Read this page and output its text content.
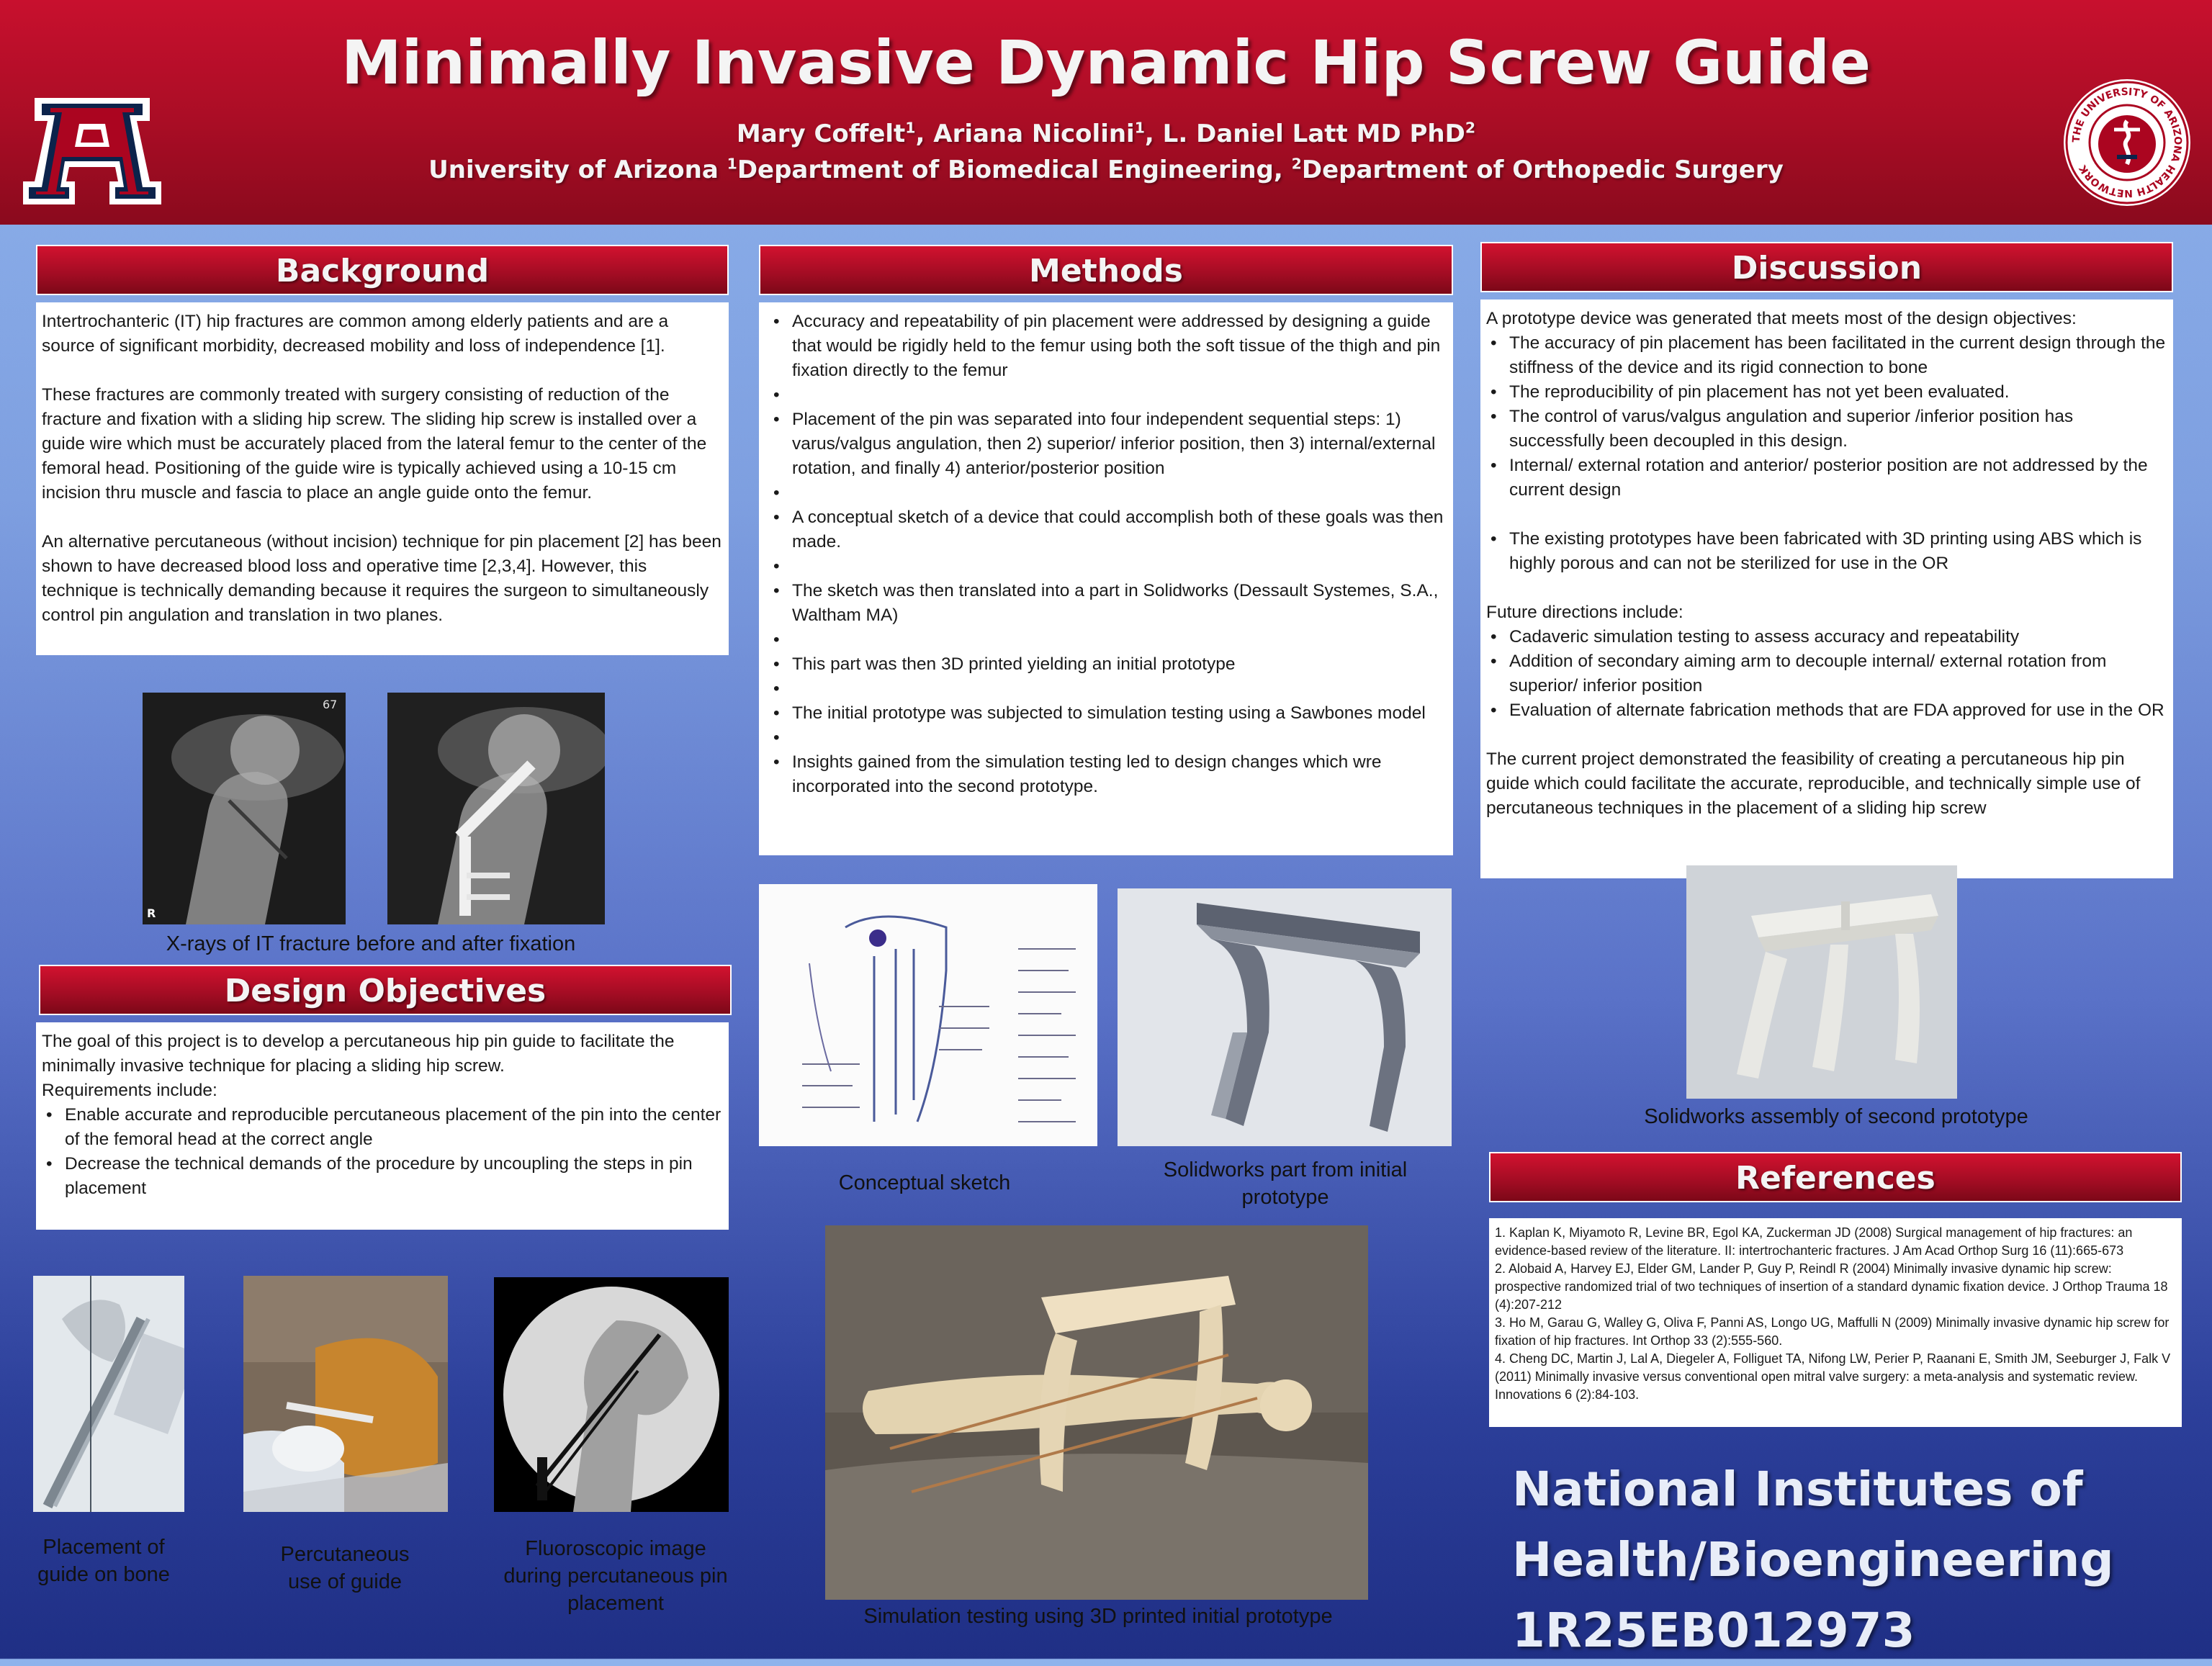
Minimally Invasive Dynamic Hip Screw Guide
Mary Coffelt$^1$, Ariana Nicolini$^1$, L. Daniel Latt MD PhD$^2$
University of Arizona $^1$Department of Biomedical Engineering, $^2$Department of Orthopedic Surgery
THE UNIVERSITY OF ARIZONA HEALTH NETWORK
Background

Intertrochanteric (IT) hip fractures are common among elderly patients and are a source of significant morbidity, decreased mobility and loss of independence [1].

These fractures are commonly treated with surgery consisting of reduction of the fracture and fixation with a sliding hip screw. The sliding hip screw is installed over a guide wire which must be accurately placed from the lateral femur to the center of the femoral head. Positioning of the guide wire is typically achieved using a 10-15 cm incision thru muscle and fascia to place an angle guide onto the femur.

An alternative percutaneous (without incision) technique for pin placement [2] has been shown to have decreased blood loss and operative time [2,3,4]. However, this technique is technically demanding because it requires the surgeon to simultaneously control pin angulation and translation in two planes.

67
R
X-rays of IT fracture before and after fixation
Design Objectives

The goal of this project is to develop a percutaneous hip pin guide to facilitate the minimally invasive technique for placing a sliding hip screw.

Requirements include:

• Enable accurate and reproducible percutaneous placement of the pin into the center of the femoral head at the correct angle
• Decrease the technical demands of the procedure by uncoupling the steps in pin placement
Placement of guide on bone
Percutaneous use of guide
Fluoroscopic image during percutaneous pin placement
Methods
• Accuracy and repeatability of pin placement were addressed by designing a guide that would be rigidly held to the femur using both the soft tissue of the thigh and pin fixation directly to the femur
•
• Placement of the pin was separated into four independent sequential steps: 1) varus/valgus angulation, then 2) superior/ inferior position, then 3) internal/external rotation, and finally 4) anterior/posterior position
•
• A conceptual sketch of a device that could accomplish both of these goals was then made.
•
• The sketch was then translated into a part in Solidworks (Dessault Systemes, S.A., Waltham MA)
•
• This part was then 3D printed yielding an initial prototype
•
• The initial prototype was subjected to simulation testing using a Sawbones model
•
• Insights gained from the simulation testing led to design changes which wre incorporated into the second prototype.
Conceptual sketch
Solidworks part from initial prototype
Simulation testing using 3D printed initial prototype
Discussion

A prototype device was generated that meets most of the design objectives:

• The accuracy of pin placement has been facilitated in the current design through the stiffness of the device and its rigid connection to bone
• The reproducibility of pin placement has not yet been evaluated.
• The control of varus/valgus angulation and superior /inferior position has successfully been decoupled in this design.
• Internal/ external rotation and anterior/ posterior position are not addressed by the current design
• The existing prototypes have been fabricated with 3D printing using ABS which is highly porous and can not be sterilized for use in the OR

Future directions include:

• Cadaveric simulation testing to assess accuracy and repeatability
• Addition of secondary aiming arm to decouple internal/ external rotation from superior/ inferior position
• Evaluation of alternate fabrication methods that are FDA approved for use in the OR

The current project demonstrated the feasibility of creating a percutaneous hip pin guide which could facilitate the accurate, reproducible, and technically simple use of percutaneous techniques in the placement of a sliding hip screw

Solidworks assembly of second prototype
References

1. Kaplan K, Miyamoto R, Levine BR, Egol KA, Zuckerman JD (2008) Surgical management of hip fractures: an evidence-based review of the literature. II: intertrochanteric fractures. J Am Acad Orthop Surg 16 (11):665-673

2. Alobaid A, Harvey EJ, Elder GM, Lander P, Guy P, Reindl R (2004) Minimally invasive dynamic hip screw: prospective randomized trial of two techniques of insertion of a standard dynamic fixation device. J Orthop Trauma 18 (4):207-212

3. Ho M, Garau G, Walley G, Oliva F, Panni AS, Longo UG, Maffulli N (2009) Minimally invasive dynamic hip screw for fixation of hip fractures. Int Orthop 33 (2):555-560.

4. Cheng DC, Martin J, Lal A, Diegeler A, Folliguet TA, Nifong LW, Perier P, Raanani E, Smith JM, Seeburger J, Falk V (2011) Minimally invasive versus conventional open mitral valve surgery: a meta-analysis and systematic review. Innovations 6 (2):84-103.

National Institutes of
Health/Bioengineering
1R25EB012973
